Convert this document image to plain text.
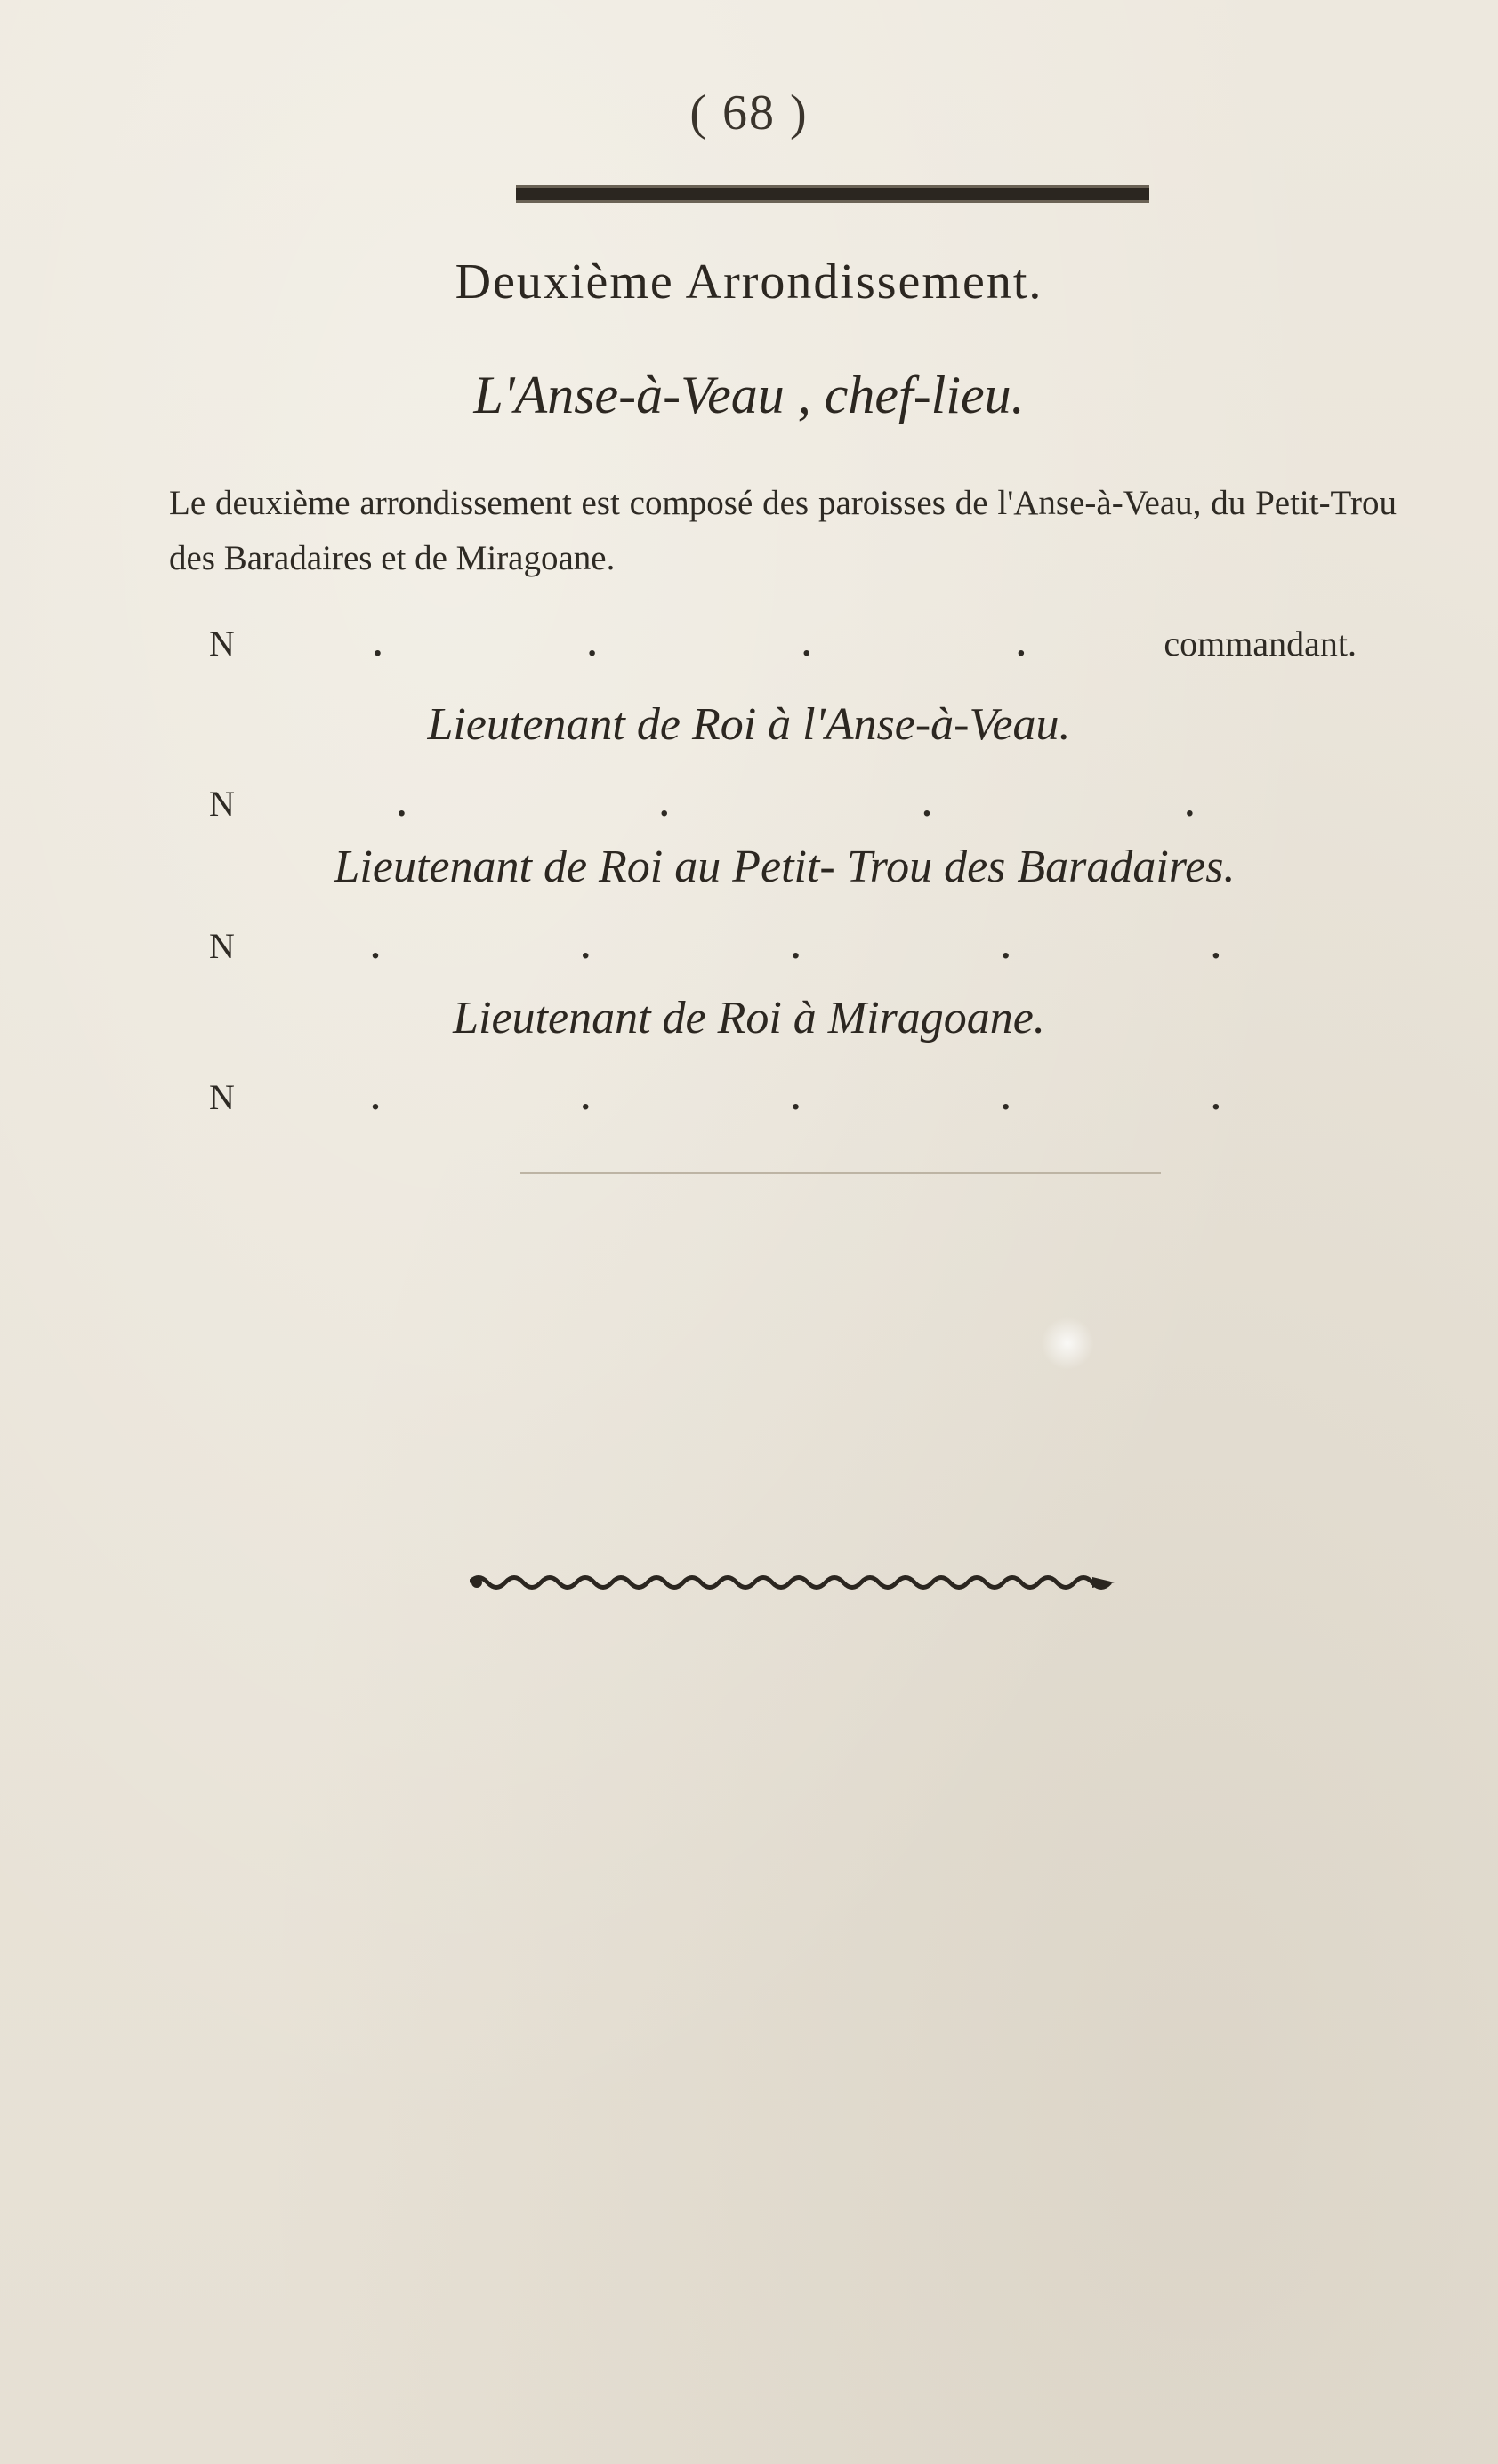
( 68 )
Deuxième Arrondissement.
L'Anse-à-Veau , chef-lieu.
Le deuxième arrondissement est composé des paroisses de l'Anse-à-Veau, du Petit-Trou des Baradaires et de Miragoane.
N	.	.	.	.	commandant.
Lieutenant de Roi à l'Anse-à-Veau.
N	.	.	.	.
Lieutenant de Roi au Petit- Trou des Baradaires.
N	.	.	.	.	.
Lieutenant de Roi à Miragoane.
N	.	.	.	.	.
